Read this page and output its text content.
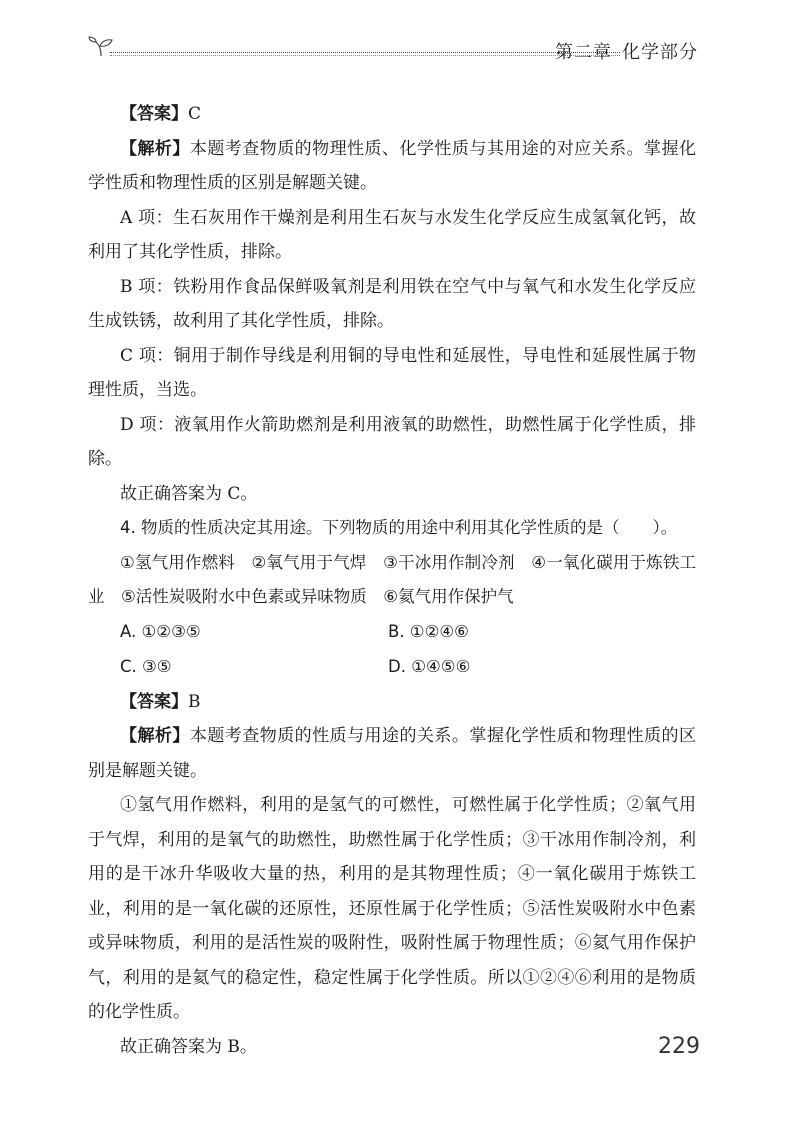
第二章 化学部分

【答案】C

【解析】本题考查物质的物理性质、化学性质与其用途的对应关系。掌握化学性质和物理性质的区别是解题关键。

A 项：生石灰用作干燥剂是利用生石灰与水发生化学反应生成氢氧化钙，故利用了其化学性质，排除。

B 项：铁粉用作食品保鲜吸氧剂是利用铁在空气中与氧气和水发生化学反应生成铁锈，故利用了其化学性质，排除。

C 项：铜用于制作导线是利用铜的导电性和延展性，导电性和延展性属于物理性质，当选。

D 项：液氧用作火箭助燃剂是利用液氧的助燃性，助燃性属于化学性质，排除。

故正确答案为 C。

4. 物质的性质决定其用途。下列物质的用途中利用其化学性质的是（　　）。

①氢气用作燃料　②氧气用于气焊　③干冰用作制冷剂　④一氧化碳用于炼铁工业　⑤活性炭吸附水中色素或异味物质　⑥氦气用作保护气

A. ①②③⑤	B. ①②④⑥
C. ③⑤	D. ①④⑤⑥

【答案】B

【解析】本题考查物质的性质与用途的关系。掌握化学性质和物理性质的区别是解题关键。

①氢气用作燃料，利用的是氢气的可燃性，可燃性属于化学性质；②氧气用于气焊，利用的是氧气的助燃性，助燃性属于化学性质；③干冰用作制冷剂，利用的是干冰升华吸收大量的热，利用的是其物理性质；④一氧化碳用于炼铁工业，利用的是一氧化碳的还原性，还原性属于化学性质；⑤活性炭吸附水中色素或异味物质，利用的是活性炭的吸附性，吸附性属于物理性质；⑥氦气用作保护气，利用的是氦气的稳定性，稳定性属于化学性质。所以①②④⑥利用的是物质的化学性质。

故正确答案为 B。	229
